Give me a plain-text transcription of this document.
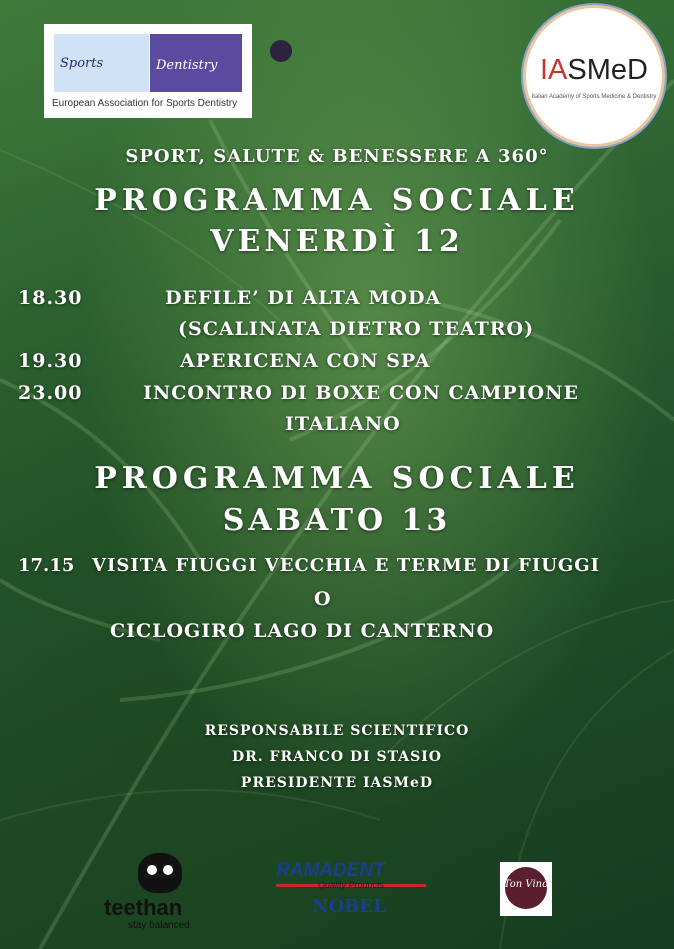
Sports	Dentistry
European Association for Sports Dentistry
IASMeD
Italian Academy of Sports Medicine & Dentistry
SPORT, SALUTE & BENESSERE A 360°
PROGRAMMA SOCIALE
VENERDÌ 12
18.30	DEFILE’ DI ALTA MODA
(SCALINATA DIETRO TEATRO)
19.30	APERICENA CON SPA
23.00	INCONTRO DI BOXE CON CAMPIONE
ITALIANO
PROGRAMMA SOCIALE
SABATO 13
17.15 VISITA FIUGGI VECCHIA E TERME DI FIUGGI
O
CICLOGIRO LAGO DI CANTERNO
RESPONSABILE SCIENTIFICO
DR. FRANCO DI STASIO
PRESIDENTE IASMeD
teethan
stay balanced
RAMADENT
Quality Products
NOBEL
Ton Vino
